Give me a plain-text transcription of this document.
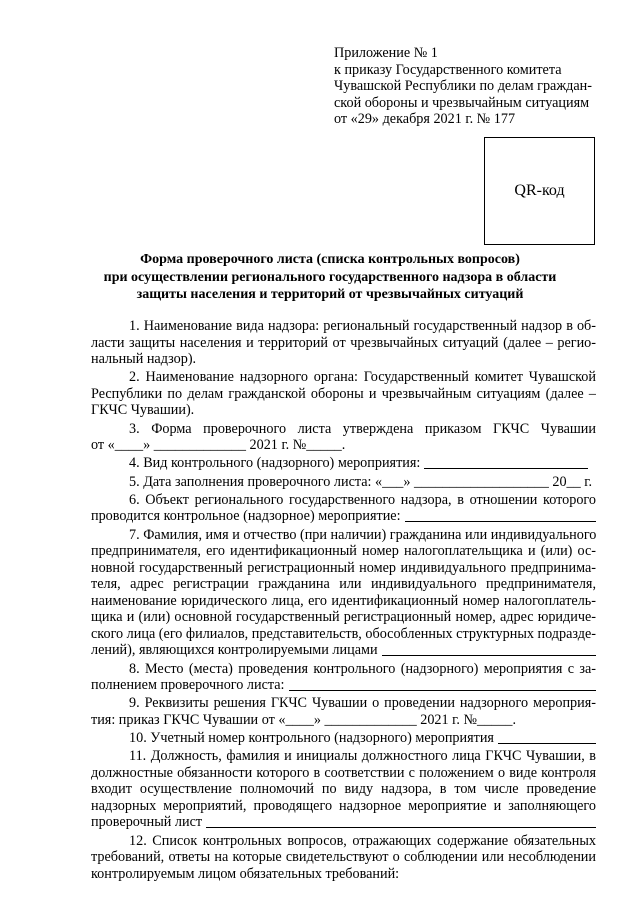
Приложение № 1
к приказу Государственного комитета
Чувашской Республики по делам граждан-
ской обороны и чрезвычайным ситуациям
от «29» декабря 2021 г. № 177
QR-код
Форма проверочного листа (списка контрольных вопросов)
при осуществлении регионального государственного надзора в области
защиты населения и территорий от чрезвычайных ситуаций
1. Наименование вида надзора: региональный государственный надзор в об-
ласти защиты населения и территорий от чрезвычайных ситуаций (далее – регио-
нальный надзор).
2. Наименование надзорного органа: Государственный комитет Чувашской
Республики по делам гражданской обороны и чрезвычайным ситуациям (далее –
ГКЧС Чувашии).
3. Форма проверочного листа утверждена приказом ГКЧС Чувашии
от «____» _____________ 2021 г. №_____.
4. Вид контрольного (надзорного) мероприятия:
5. Дата заполнения проверочного листа: «___» ___________________ 20__ г.
6. Объект регионального государственного надзора, в отношении которого
проводится контрольное (надзорное) мероприятие:
7. Фамилия, имя и отчество (при наличии) гражданина или индивидуального
предпринимателя, его идентификационный номер налогоплательщика и (или) ос-
новной государственный регистрационный номер индивидуального предпринима-
теля, адрес регистрации гражданина или индивидуального предпринимателя,
наименование юридического лица, его идентификационный номер налогоплатель-
щика и (или) основной государственный регистрационный номер, адрес юридиче-
ского лица (его филиалов, представительств, обособленных структурных подразде-
лений), являющихся контролируемыми лицами
8. Место (места) проведения контрольного (надзорного) мероприятия с за-
полнением проверочного листа:
9. Реквизиты решения ГКЧС Чувашии о проведении надзорного мероприя-
тия: приказ ГКЧС Чувашии от «____» _____________ 2021 г. №_____.
10. Учетный номер контрольного (надзорного) мероприятия
11. Должность, фамилия и инициалы должностного лица ГКЧС Чувашии, в
должностные обязанности которого в соответствии с положением о виде контроля
входит осуществление полномочий по виду надзора, в том числе проведение
надзорных мероприятий, проводящего надзорное мероприятие и заполняющего
проверочный лист
12. Список контрольных вопросов, отражающих содержание обязательных
требований, ответы на которые свидетельствуют о соблюдении или несоблюдении
контролируемым лицом обязательных требований:
